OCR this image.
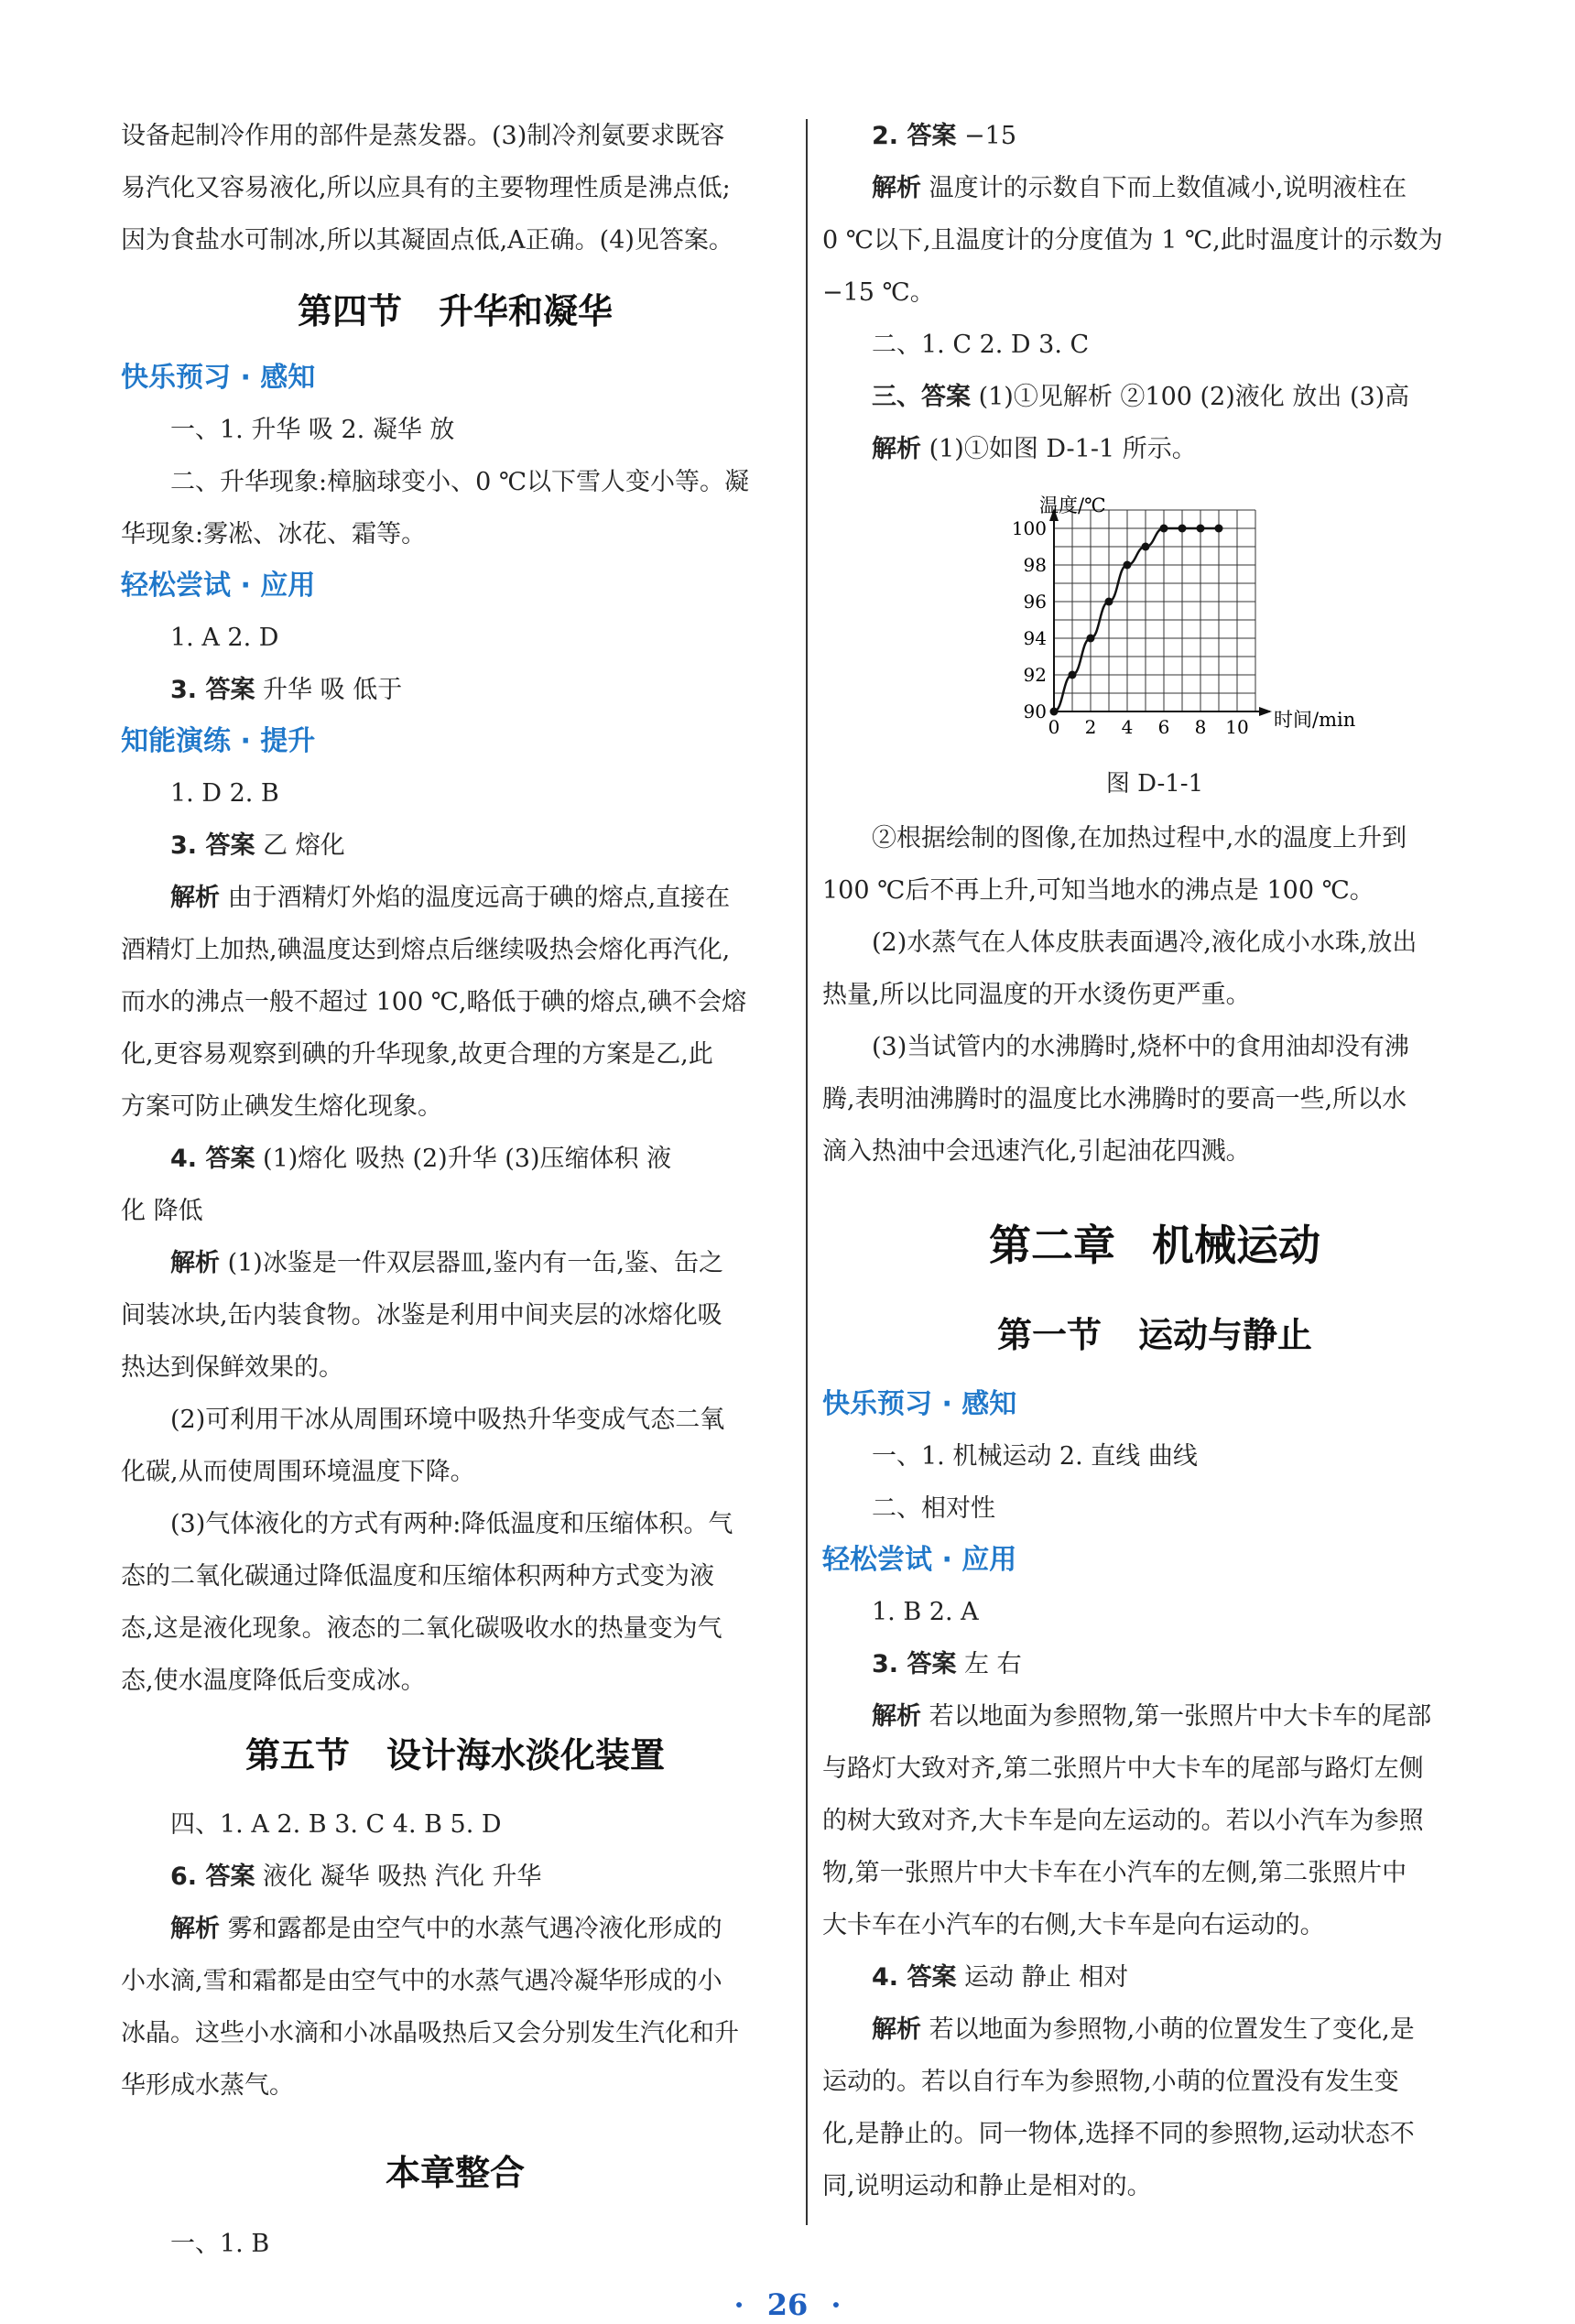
设备起制冷作用的部件是蒸发器。(3)制冷剂氨要求既容

易汽化又容易液化,所以应具有的主要物理性质是沸点低;

因为食盐水可制冰,所以其凝固点低,A正确。(4)见答案。

第四节 升华和凝华
快乐预习 · 感知

一、1. 升华 吸 2. 凝华 放

二、升华现象:樟脑球变小、0 ℃以下雪人变小等。凝

华现象:雾凇、冰花、霜等。

轻松尝试 · 应用

1. A 2. D

3. 答案 升华 吸 低于

知能演练 · 提升

1. D 2. B

3. 答案 乙 熔化

解析 由于酒精灯外焰的温度远高于碘的熔点,直接在

酒精灯上加热,碘温度达到熔点后继续吸热会熔化再汽化,

而水的沸点一般不超过 100 ℃,略低于碘的熔点,碘不会熔

化,更容易观察到碘的升华现象,故更合理的方案是乙,此

方案可防止碘发生熔化现象。

4. 答案 (1)熔化 吸热 (2)升华 (3)压缩体积 液

化 降低

解析 (1)冰鉴是一件双层器皿,鉴内有一缶,鉴、缶之

间装冰块,缶内装食物。冰鉴是利用中间夹层的冰熔化吸

热达到保鲜效果的。

(2)可利用干冰从周围环境中吸热升华变成气态二氧

化碳,从而使周围环境温度下降。

(3)气体液化的方式有两种:降低温度和压缩体积。气

态的二氧化碳通过降低温度和压缩体积两种方式变为液

态,这是液化现象。液态的二氧化碳吸收水的热量变为气

态,使水温度降低后变成冰。

第五节 设计海水淡化装置

四、1. A 2. B 3. C 4. B 5. D

6. 答案 液化 凝华 吸热 汽化 升华

解析 雾和露都是由空气中的水蒸气遇冷液化形成的

小水滴,雪和霜都是由空气中的水蒸气遇冷凝华形成的小

冰晶。这些小水滴和小冰晶吸热后又会分别发生汽化和升

华形成水蒸气。

本章整合

一、1. B

2. 答案 −15

解析 温度计的示数自下而上数值减小,说明液柱在

0 ℃以下,且温度计的分度值为 1 ℃,此时温度计的示数为

−15 ℃。

二、1. C 2. D 3. C

三、答案 (1)①见解析 ②100 (2)液化 放出 (3)高

解析 (1)①如图 D-1-1 所示。

90
92
94
96
98
100
0 2 4 6 8 10
温度/℃
时间/min

图 D-1-1

②根据绘制的图像,在加热过程中,水的温度上升到

100 ℃后不再上升,可知当地水的沸点是 100 ℃。

(2)水蒸气在人体皮肤表面遇冷,液化成小水珠,放出

热量,所以比同温度的开水烫伤更严重。

(3)当试管内的水沸腾时,烧杯中的食用油却没有沸

腾,表明油沸腾时的温度比水沸腾时的要高一些,所以水

滴入热油中会迅速汽化,引起油花四溅。

第二章 机械运动
第一节 运动与静止
快乐预习 · 感知

一、1. 机械运动 2. 直线 曲线

二、相对性

轻松尝试 · 应用

1. B 2. A

3. 答案 左 右

解析 若以地面为参照物,第一张照片中大卡车的尾部

与路灯大致对齐,第二张照片中大卡车的尾部与路灯左侧

的树大致对齐,大卡车是向左运动的。若以小汽车为参照

物,第一张照片中大卡车在小汽车的左侧,第二张照片中

大卡车在小汽车的右侧,大卡车是向右运动的。

4. 答案 运动 静止 相对

解析 若以地面为参照物,小萌的位置发生了变化,是

运动的。若以自行车为参照物,小萌的位置没有发生变

化,是静止的。同一物体,选择不同的参照物,运动状态不

同,说明运动和静止是相对的。

· 26 ·
